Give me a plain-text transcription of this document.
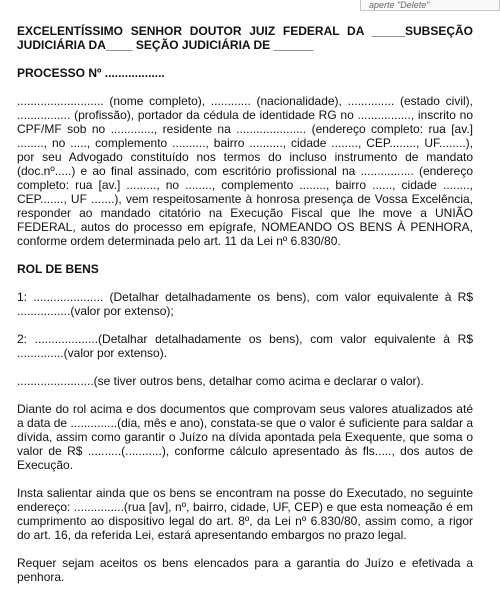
aperte "Delete"

EXCELENTÍSSIMO SENHOR DOUTOR JUIZ FEDERAL DA _____SUBSEÇÃO JUDICIÁRIA DA____ SEÇÃO JUDICIÁRIA DE ______

PROCESSO Nº ..................

.......................... (nome completo), ............ (nacionalidade), .............. (estado civil), ................ (profissão), portador da cédula de identidade RG no ................, inscrito no CPF/MF sob no ............., residente na ..................... (endereço completo: rua [av.] ........, no ....., complemento .........., bairro .........., cidade ........, CEP........, UF........), por seu Advogado constituído nos termos do incluso instrumento de mandato (doc.nº.....) e ao final assinado, com escritório profissional na ................ (endereço completo: rua [av.] ........., no ........, complemento ........, bairro ......, cidade ........, CEP......., UF .......), vem respeitosamente à honrosa presença de Vossa Excelência, responder ao mandado citatório na Execução Fiscal que lhe move a UNIÃO FEDERAL, autos do processo em epígrafe, NOMEANDO OS BENS À PENHORA, conforme ordem determinada pelo art. 11 da Lei nº 6.830/80.

ROL DE BENS

1: ..................... (Detalhar detalhadamente os bens), com valor equivalente à R$ ................(valor por extenso);

2: ...................(Detalhar detalhadamente os bens), com valor equivalente à R$ ..............(valor por extenso).

.......................(se tiver outros bens, detalhar como acima e declarar o valor).

Diante do rol acima e dos documentos que comprovam seus valores atualizados até a data de ..............(dia, mês e ano), constata-se que o valor é suficiente para saldar a dívida, assim como garantir o Juízo na dívida apontada pela Exequente, que soma o valor de R$ ..........(...........), conforme cálculo apresentado às fls....., dos autos de Execução.

Insta salientar ainda que os bens se encontram na posse do Executado, no seguinte endereço: ...............(rua [av], nº, bairro, cidade, UF, CEP) e que esta nomeação é em cumprimento ao dispositivo legal do art. 8º, da Lei nº 6.830/80, assim como, a rigor do art. 16, da referida Lei, estará apresentando embargos no prazo legal.

Requer sejam aceitos os bens elencados para a garantia do Juízo e efetivada a penhora.
